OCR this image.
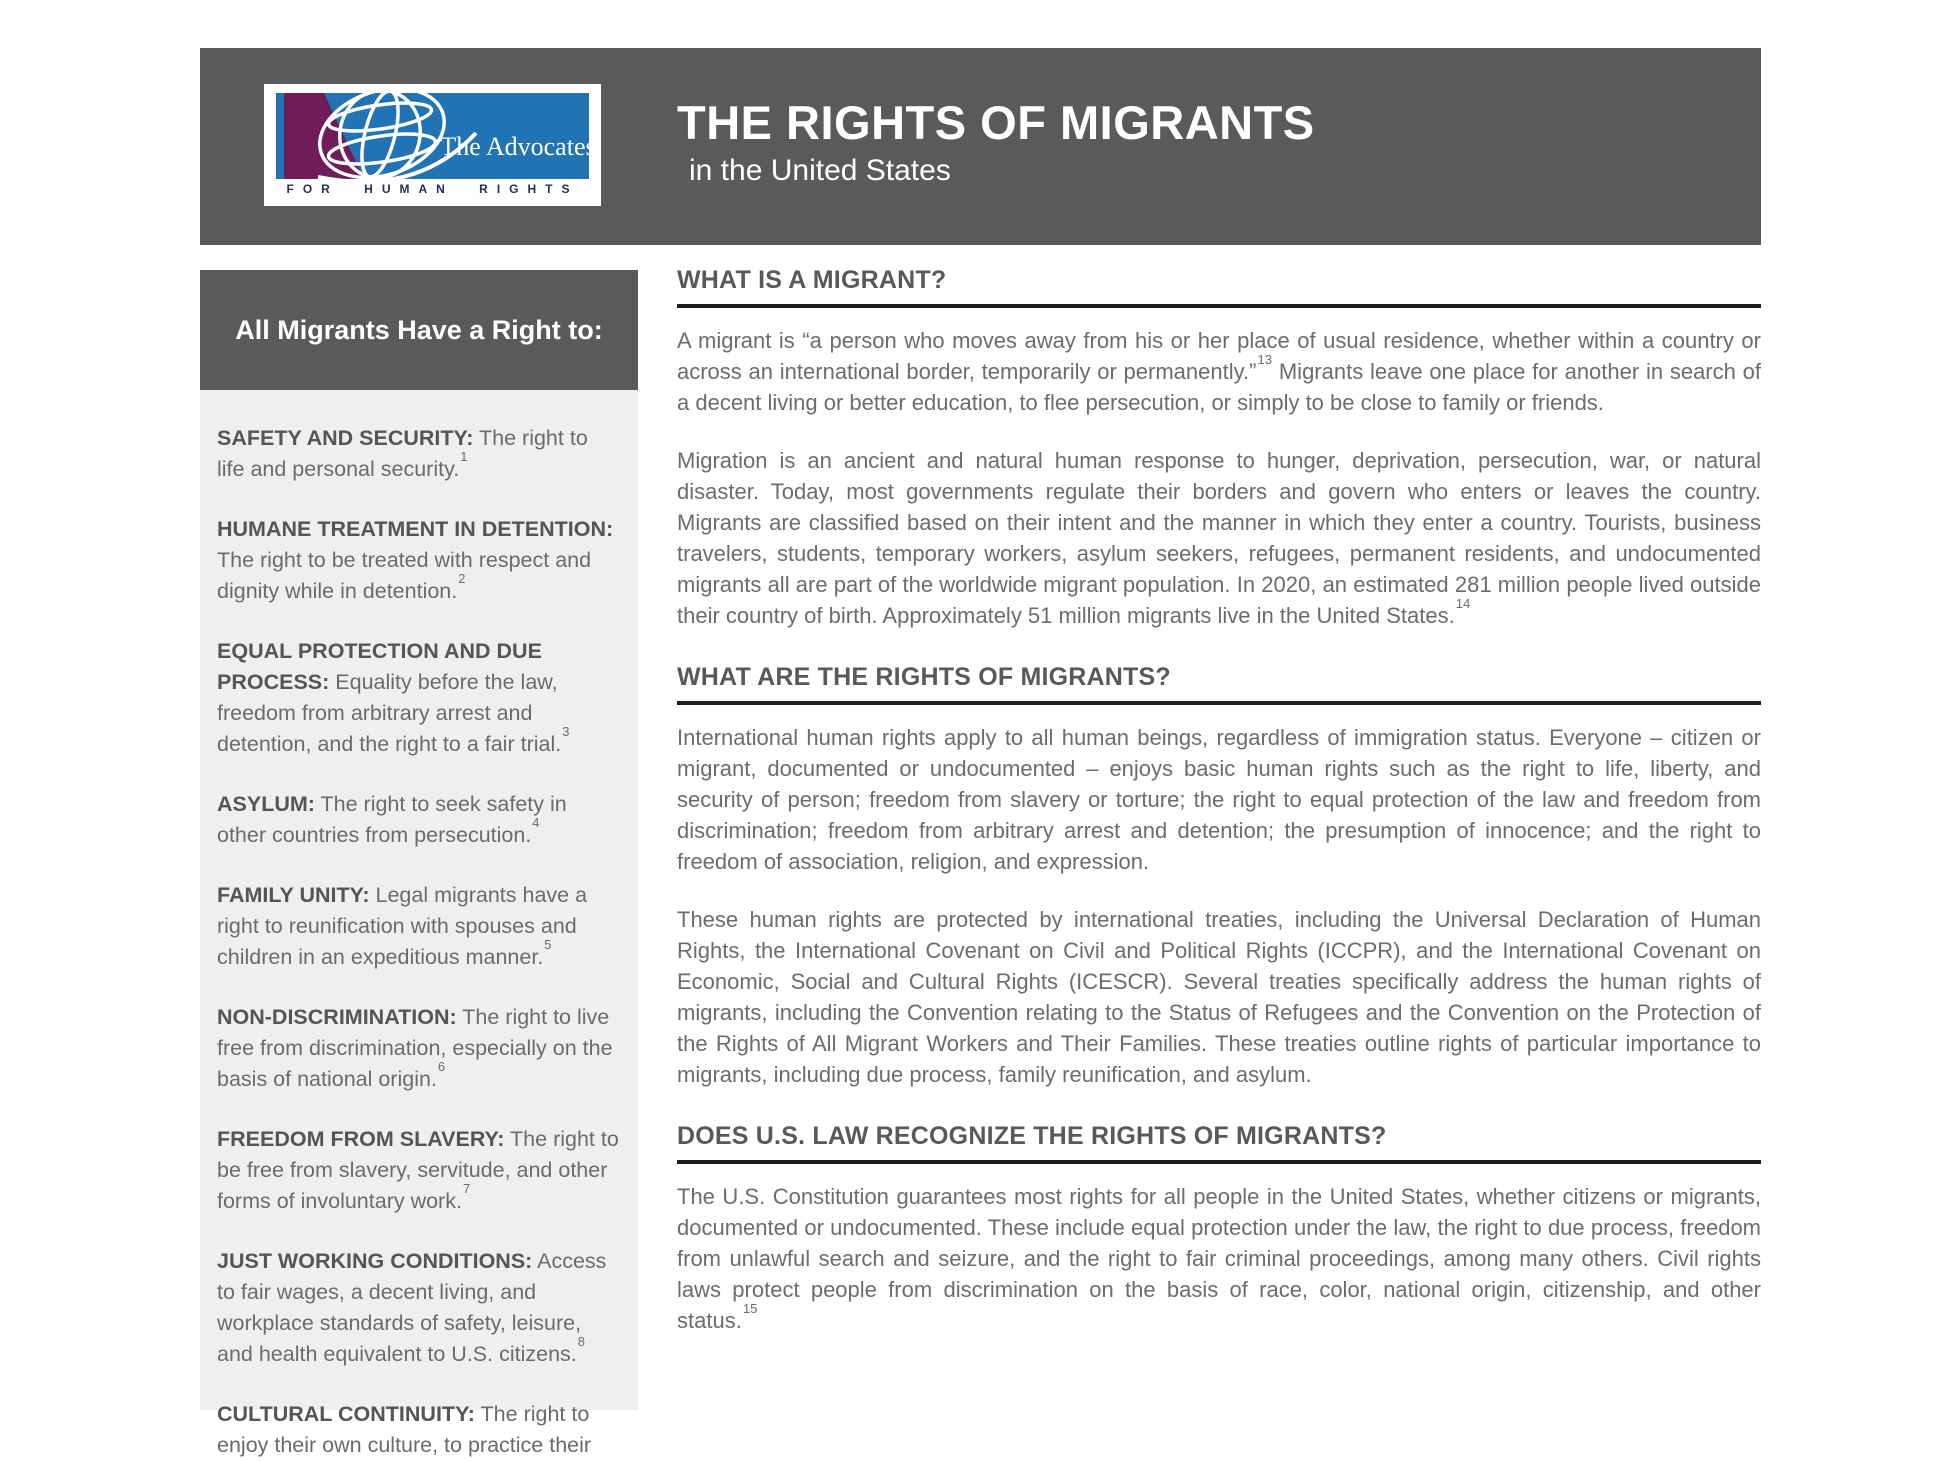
The Advocates
FOR HUMAN RIGHTS
THE RIGHTS OF MIGRANTS
in the United States
All Migrants Have a Right to:
SAFETY AND SECURITY: The right to life and personal security.$^1$
HUMANE TREATMENT IN DETENTION: The right to be treated with respect and dignity while in detention.$^2$
EQUAL PROTECTION AND DUE PROCESS: Equality before the law, freedom from arbitrary arrest and detention, and the right to a fair trial.$^3$
ASYLUM: The right to seek safety in other countries from persecution.$^4$
FAMILY UNITY: Legal migrants have a right to reunification with spouses and children in an expeditious manner.$^5$
NON-DISCRIMINATION: The right to live free from discrimination, especially on the basis of national origin.$^6$
FREEDOM FROM SLAVERY: The right to be free from slavery, servitude, and other forms of involuntary work.$^7$
JUST WORKING CONDITIONS: Access to fair wages, a decent living, and workplace standards of safety, leisure, and health equivalent to U.S. citizens.$^8$
CULTURAL CONTINUITY: The right to enjoy their own culture, to practice their
WHAT IS A MIGRANT?

A migrant is “a person who moves away from his or her place of usual residence, whether within a country or across an international border, temporarily or permanently.”$^{13}$ Migrants leave one place for another in search of a decent living or better education, to flee persecution, or simply to be close to family or friends.

Migration is an ancient and natural human response to hunger, deprivation, persecution, war, or natural disaster. Today, most governments regulate their borders and govern who enters or leaves the country. Migrants are classified based on their intent and the manner in which they enter a country. Tourists, business travelers, students, temporary workers, asylum seekers, refugees, permanent residents, and undocumented migrants all are part of the worldwide migrant population. In 2020, an estimated 281 million people lived outside their country of birth. Approximately 51 million migrants live in the United States.$^{14}$

WHAT ARE THE RIGHTS OF MIGRANTS?

International human rights apply to all human beings, regardless of immigration status. Everyone – citizen or migrant, documented or undocumented – enjoys basic human rights such as the right to life, liberty, and security of person; freedom from slavery or torture; the right to equal protection of the law and freedom from discrimination; freedom from arbitrary arrest and detention; the presumption of innocence; and the right to freedom of association, religion, and expression.

These human rights are protected by international treaties, including the Universal Declaration of Human Rights, the International Covenant on Civil and Political Rights (ICCPR), and the International Covenant on Economic, Social and Cultural Rights (ICESCR). Several treaties specifically address the human rights of migrants, including the Convention relating to the Status of Refugees and the Convention on the Protection of the Rights of All Migrant Workers and Their Families. These treaties outline rights of particular importance to migrants, including due process, family reunification, and asylum.

DOES U.S. LAW RECOGNIZE THE RIGHTS OF MIGRANTS?

The U.S. Constitution guarantees most rights for all people in the United States, whether citizens or migrants, documented or undocumented. These include equal protection under the law, the right to due process, freedom from unlawful search and seizure, and the right to fair criminal proceedings, among many others. Civil rights laws protect people from discrimination on the basis of race, color, national origin, citizenship, and other status.$^{15}$
